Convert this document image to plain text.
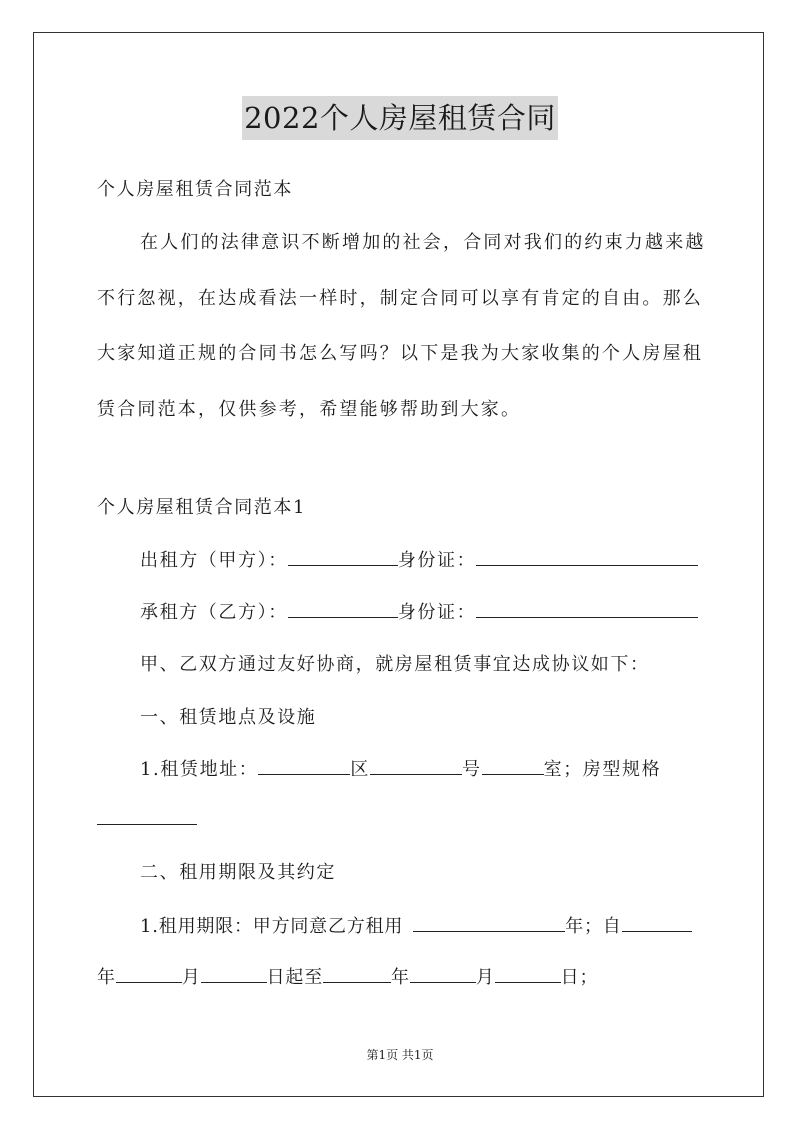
2022个人房屋租赁合同
个人房屋租赁合同范本
在人们的法律意识不断增加的社会，合同对我们的约束力越来越
不行忽视，在达成看法一样时，制定合同可以享有肯定的自由。那么
大家知道正规的合同书怎么写吗？以下是我为大家收集的个人房屋租
赁合同范本，仅供参考，希望能够帮助到大家。
个人房屋租赁合同范本1
出租方（甲方）：	身份证：
承租方（乙方）：	身份证：
甲、乙双方通过友好协商，就房屋租赁事宜达成协议如下：
一、租赁地点及设施
1.租赁地址：	区	号	室；房型规格
二、租用期限及其约定
1.租用期限：甲方同意乙方租用	年；自
年	月	日起至	年	月	日；
第1页 共1页
